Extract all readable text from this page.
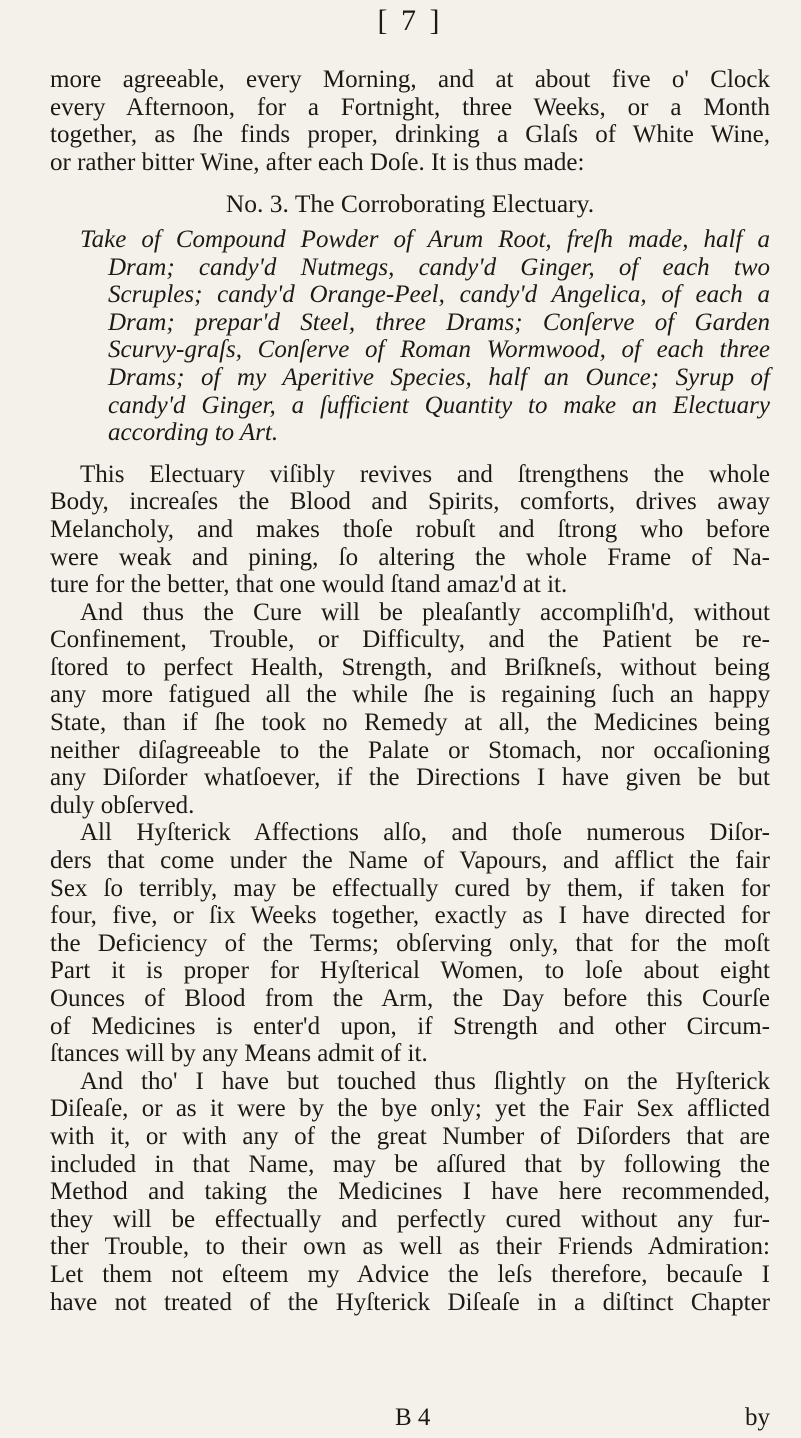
[ 7 ]
more agreeable, every Morning, and at about five o' Clock
every Afternoon, for a Fortnight, three Weeks, or a Month
together, as ſhe finds proper, drinking a Glaſs of White Wine,
or rather bitter Wine, after each Doſe. It is thus made:
No. 3. The Corroborating Electuary.
Take of Compound Powder of Arum Root, freſh made, half a
Dram; candy'd Nutmegs, candy'd Ginger, of each two
Scruples; candy'd Orange-Peel, candy'd Angelica, of each a
Dram; prepar'd Steel, three Drams; Conſerve of Garden
Scurvy-graſs, Conſerve of Roman Wormwood, of each three
Drams; of my Aperitive Species, half an Ounce; Syrup of
candy'd Ginger, a ſufficient Quantity to make an Electuary
according to Art.
This Electuary viſibly revives and ſtrengthens the whole
Body, increaſes the Blood and Spirits, comforts, drives away
Melancholy, and makes thoſe robuſt and ſtrong who before
were weak and pining, ſo altering the whole Frame of Na-
ture for the better, that one would ſtand amaz'd at it.
And thus the Cure will be pleaſantly accompliſh'd, without
Confinement, Trouble, or Difficulty, and the Patient be re-
ſtored to perfect Health, Strength, and Briſkneſs, without being
any more fatigued all the while ſhe is regaining ſuch an happy
State, than if ſhe took no Remedy at all, the Medicines being
neither diſagreeable to the Palate or Stomach, nor occaſioning
any Diſorder whatſoever, if the Directions I have given be but
duly obſerved.
All Hyſterick Affections alſo, and thoſe numerous Diſor-
ders that come under the Name of Vapours, and afflict the fair
Sex ſo terribly, may be effectually cured by them, if taken for
four, five, or ſix Weeks together, exactly as I have directed for
the Deficiency of the Terms; obſerving only, that for the moſt
Part it is proper for Hyſterical Women, to loſe about eight
Ounces of Blood from the Arm, the Day before this Courſe
of Medicines is enter'd upon, if Strength and other Circum-
ſtances will by any Means admit of it.
And tho' I have but touched thus ſlightly on the Hyſterick
Diſeaſe, or as it were by the bye only; yet the Fair Sex afflicted
with it, or with any of the great Number of Diſorders that are
included in that Name, may be aſſured that by following the
Method and taking the Medicines I have here recommended,
they will be effectually and perfectly cured without any fur-
ther Trouble, to their own as well as their Friends Admiration:
Let them not eſteem my Advice the leſs therefore, becauſe I
have not treated of the Hyſterick Diſeaſe in a diſtinct Chapter
B 4	by
